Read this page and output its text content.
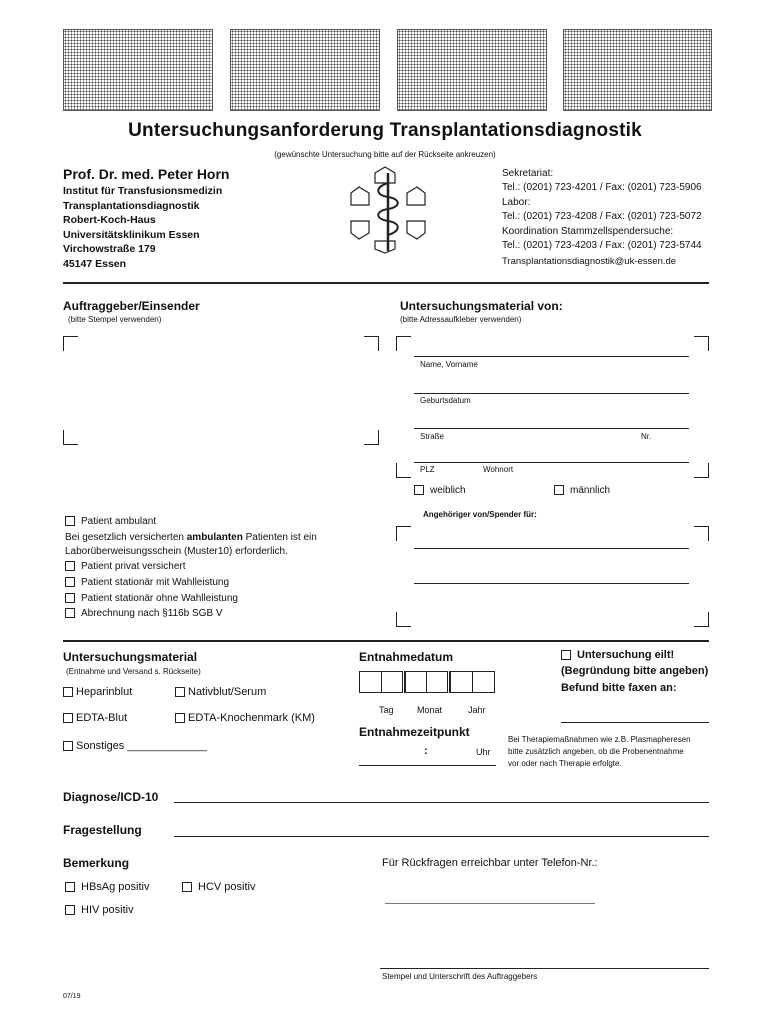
Untersuchungsanforderung Transplantationsdiagnostik
(gewünschte Untersuchung bitte auf der Rückseite ankreuzen)
Prof. Dr. med. Peter Horn
Institut für Transfusionsmedizin
Transplantationsdiagnostik
Robert-Koch-Haus
Universitätsklinikum Essen
Virchowstraße 179
45147 Essen
Sekretariat:
Tel.: (0201) 723-4201 / Fax: (0201) 723-5906
Labor:
Tel.: (0201) 723-4208 / Fax: (0201) 723-5072
Koordination Stammzellspendersuche:
Tel.: (0201) 723-4203 / Fax: (0201) 723-5744
Transplantationsdiagnostik@uk-essen.de
Auftraggeber/Einsender
(bitte Stempel verwenden)
Untersuchungsmaterial von:
(bitte Adressaufkleber verwenden)
Name, Vorname
Geburtsdatum
Straße	Nr.
PLZ	Wohnort
weiblich	männlich
Angehöriger von/Spender für:
Patient ambulant
Bei gesetzlich versicherten ambulanten Patienten ist ein
Laborüberweisungsschein (Muster10) erforderlich.
Patient privat versichert
Patient stationär mit Wahlleistung
Patient stationär ohne Wahlleistung
Abrechnung nach §116b SGB V
Untersuchungsmaterial
(Entnahme und Versand s. Rückseite)
Heparinblut	Nativblut/Serum
EDTA-Blut	EDTA-Knochenmark (KM)
Sonstiges _____________
Entnahmedatum
Tag	Monat	Jahr
Entnahmezeitpunkt
:	Uhr
Untersuchung eilt!
(Begründung bitte angeben)
Befund bitte faxen an:
Bei Therapiemaßnahmen wie z.B. Plasmapheresen
bitte zusätzlich angeben, ob die Probenentnahme
vor oder nach Therapie erfolgte.
Diagnose/ICD-10
Fragestellung
Bemerkung
HBsAg positiv	HCV positiv
HIV positiv
Für Rückfragen erreichbar unter Telefon-Nr.:
Stempel und Unterschrift des Auftraggebers
07/19
